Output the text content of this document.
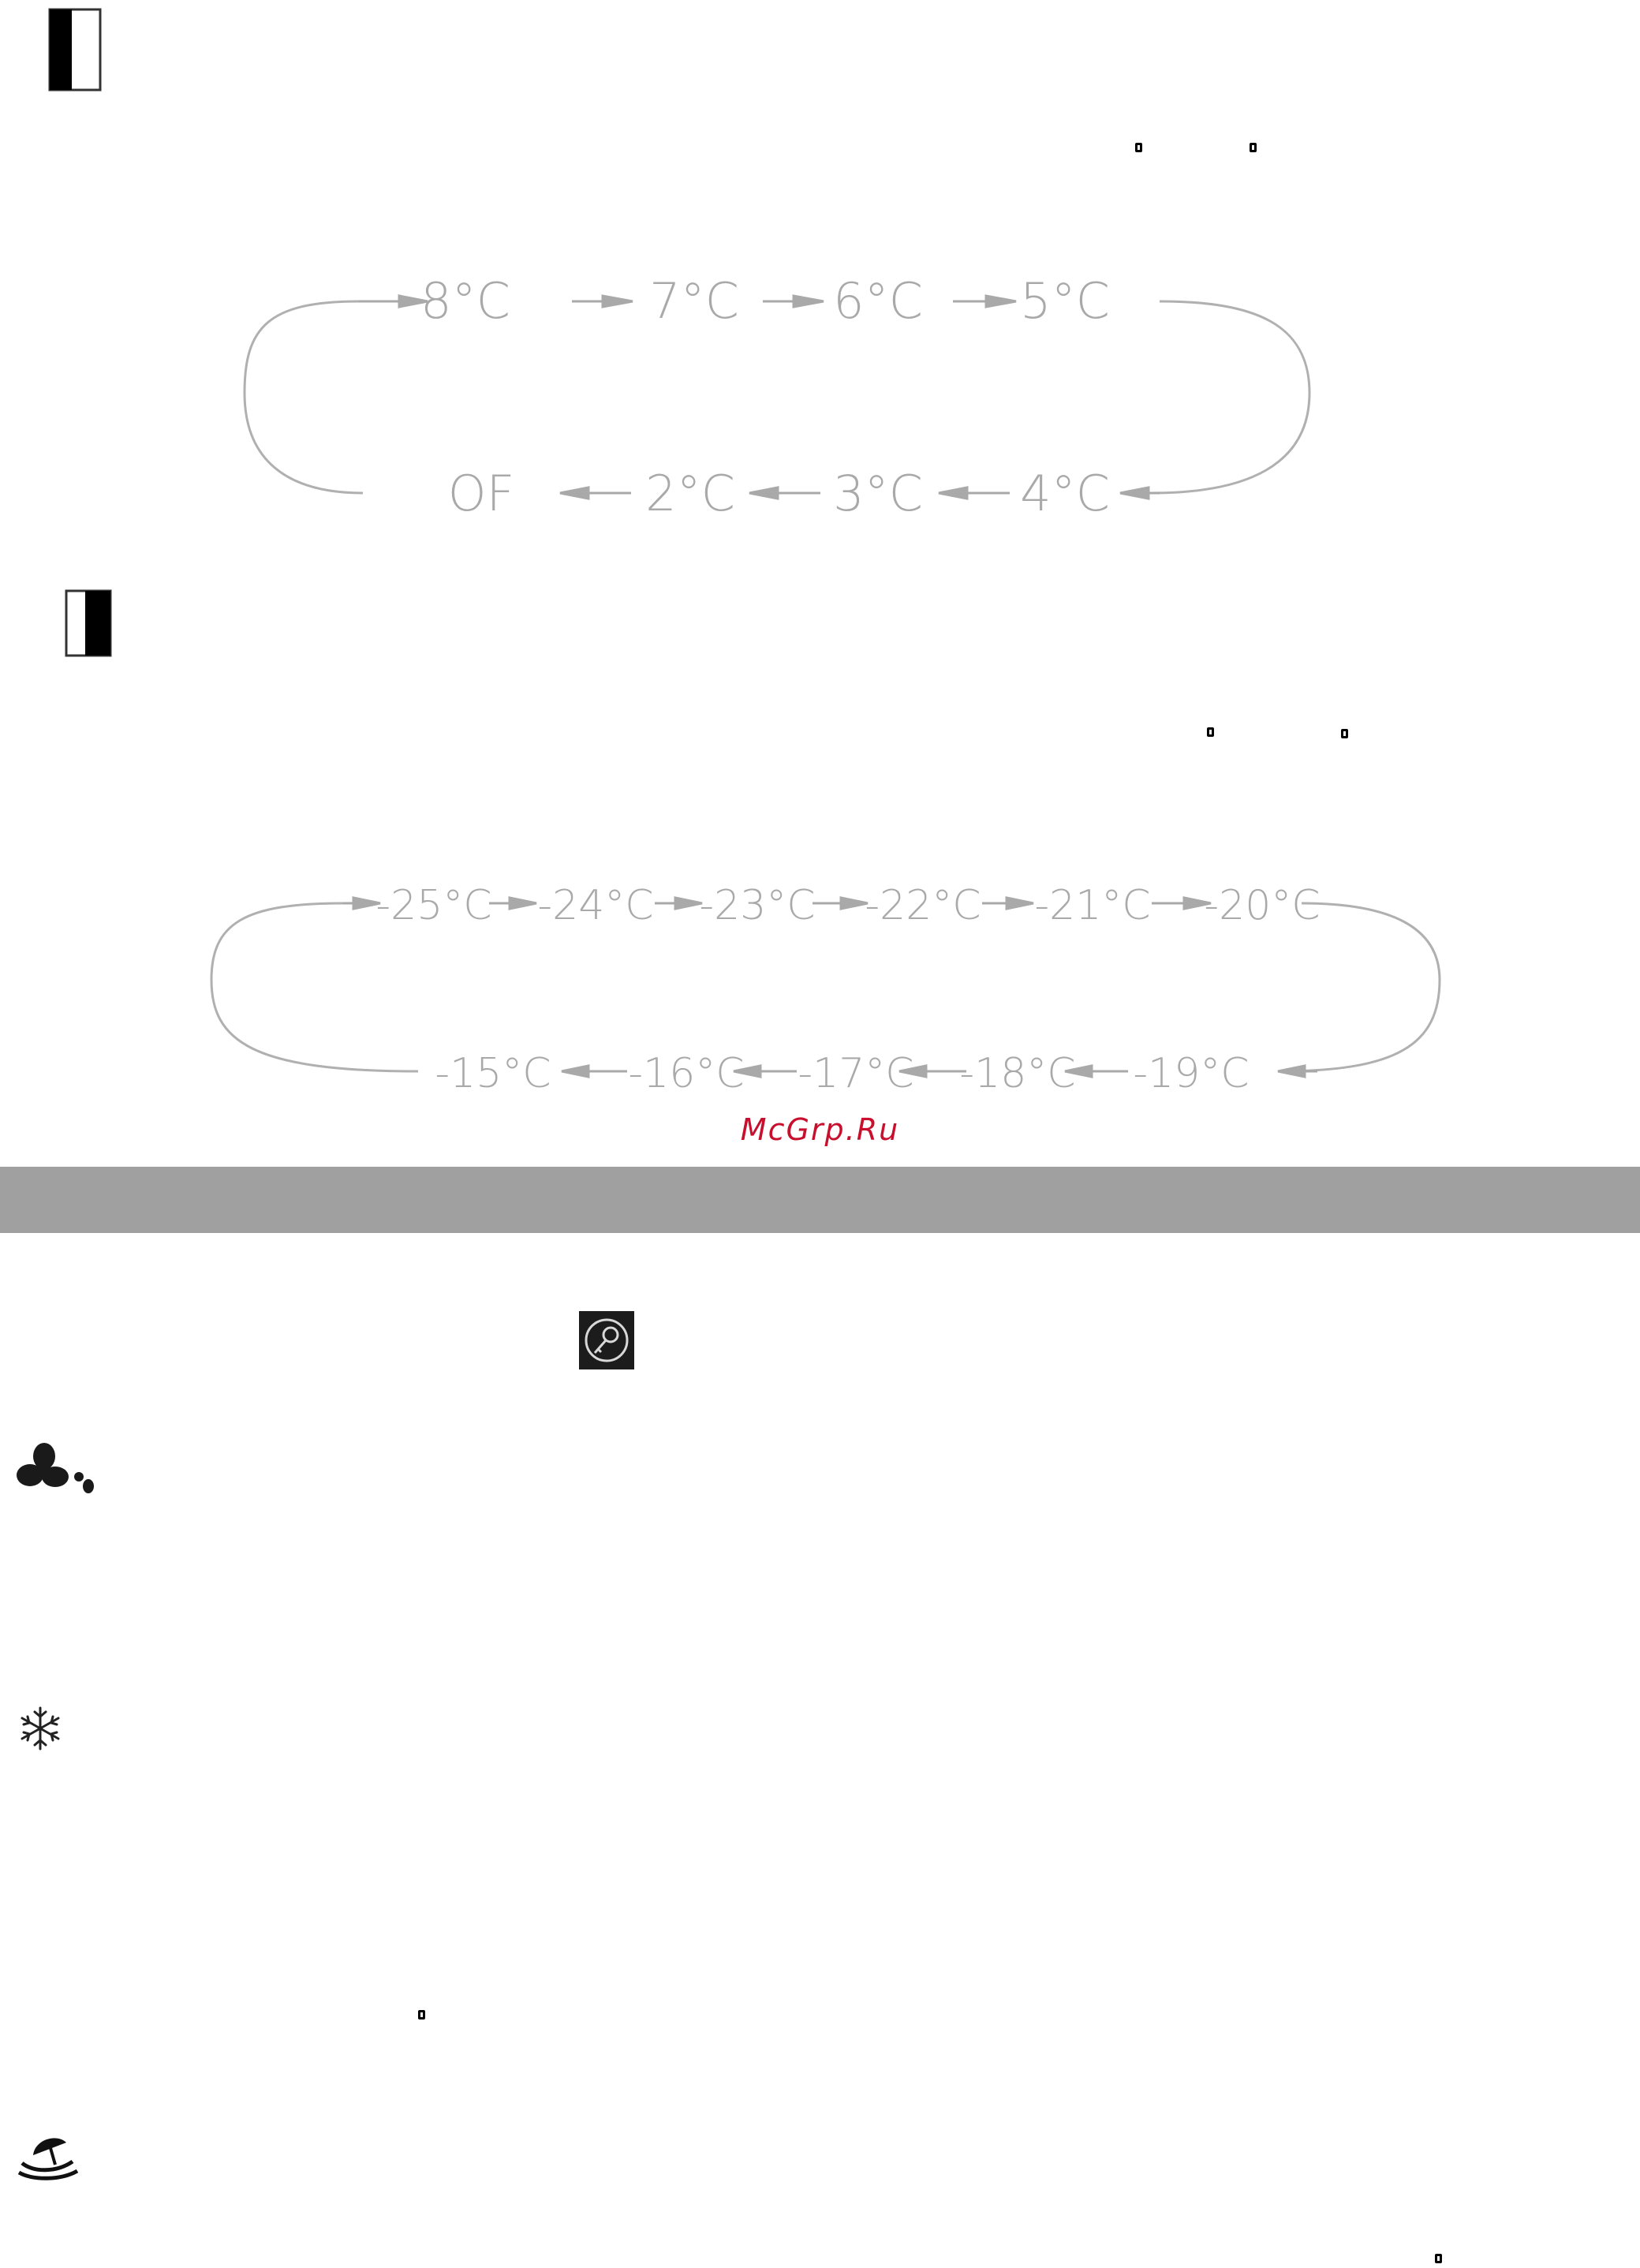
8°C	7°C 6°C 5°C
OF	2°C 3°C 4°C
-25°C -24°C -23°C -22°C -21°C -20°C
-15°C -16°C -17°C -18°C -19°C
McGrp.Ru
